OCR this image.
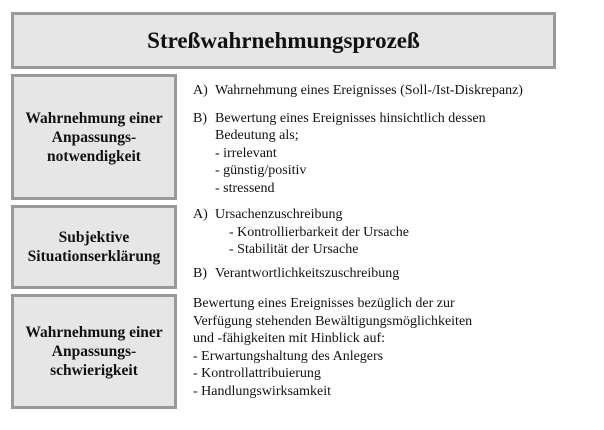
Streßwahrnehmungsprozeß
Wahrnehmung einer
Anpassungs-
notwendigkeit
A) Wahrnehmung eines Ereignisses (Soll-/Ist-Diskrepanz)
B) Bewertung eines Ereignisses hinsichtlich dessen
Bedeutung als;
- irrelevant
- günstig/positiv
- stressend
Subjektive
Situationserklärung
A) Ursachenzuschreibung
- Kontrollierbarkeit der Ursache
- Stabilität der Ursache
B) Verantwortlichkeitszuschreibung
Wahrnehmung einer
Anpassungs-
schwierigkeit
Bewertung eines Ereignisses bezüglich der zur
Verfügung stehenden Bewältigungsmöglichkeiten
und -fähigkeiten mit Hinblick auf:
- Erwartungshaltung des Anlegers
- Kontrollattribuierung
- Handlungswirksamkeit
